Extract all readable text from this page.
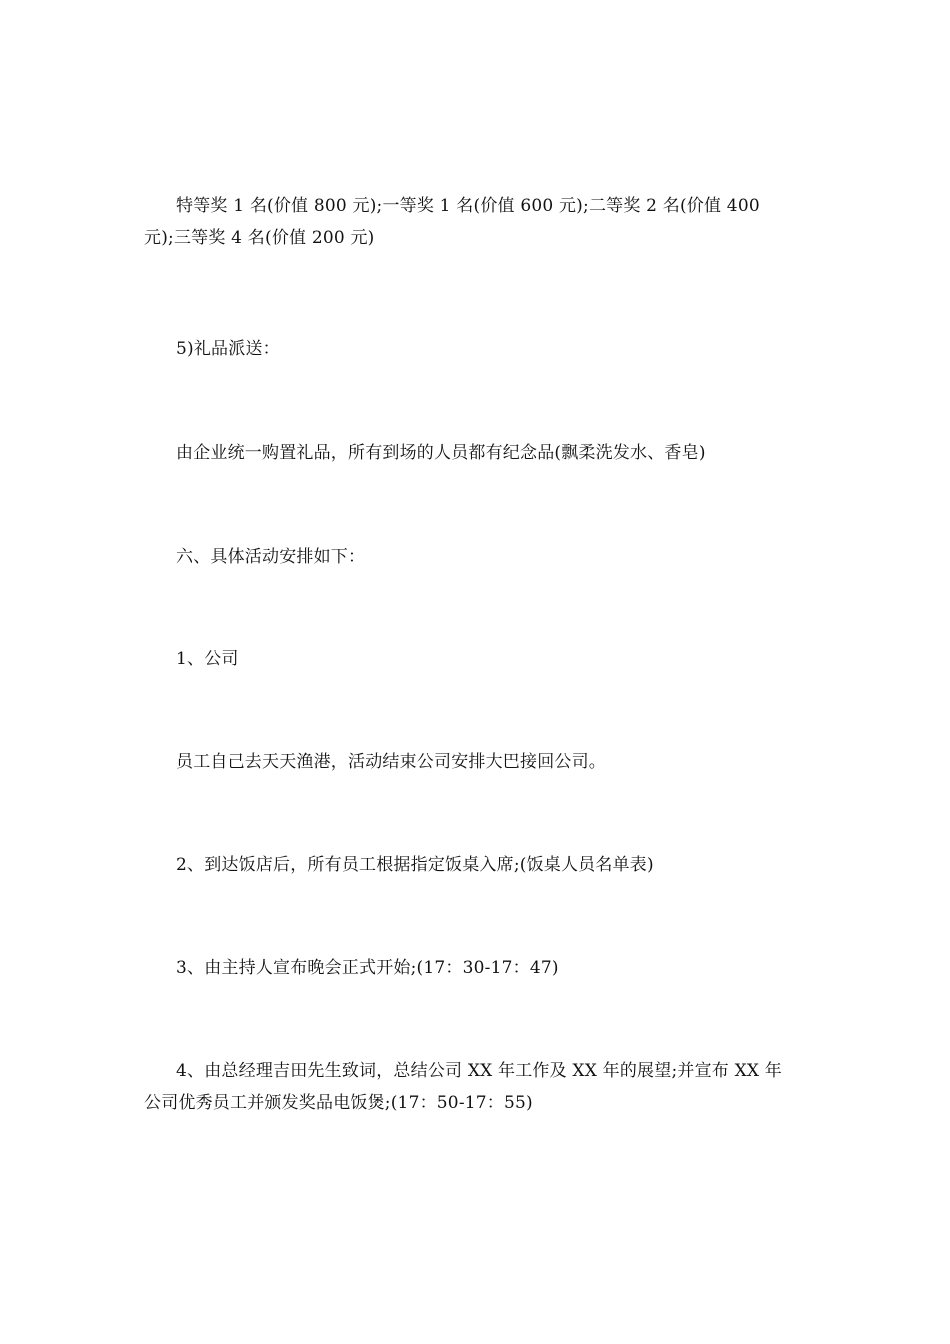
特等奖 1 名(价值 800 元);一等奖 1 名(价值 600 元);二等奖 2 名(价值 400 元);三等奖 4 名(价值 200 元)

5)礼品派送：

由企业统一购置礼品，所有到场的人员都有纪念品(飘柔洗发水、香皂)

六、具体活动安排如下：

1、公司

员工自己去天天渔港，活动结束公司安排大巴接回公司。

2、到达饭店后，所有员工根据指定饭桌入席;(饭桌人员名单表)

3、由主持人宣布晚会正式开始;(17：30-17：47)

4、由总经理吉田先生致词，总结公司 XX 年工作及 XX 年的展望;并宣布 XX 年公司优秀员工并颁发奖品电饭煲;(17：50-17：55)
